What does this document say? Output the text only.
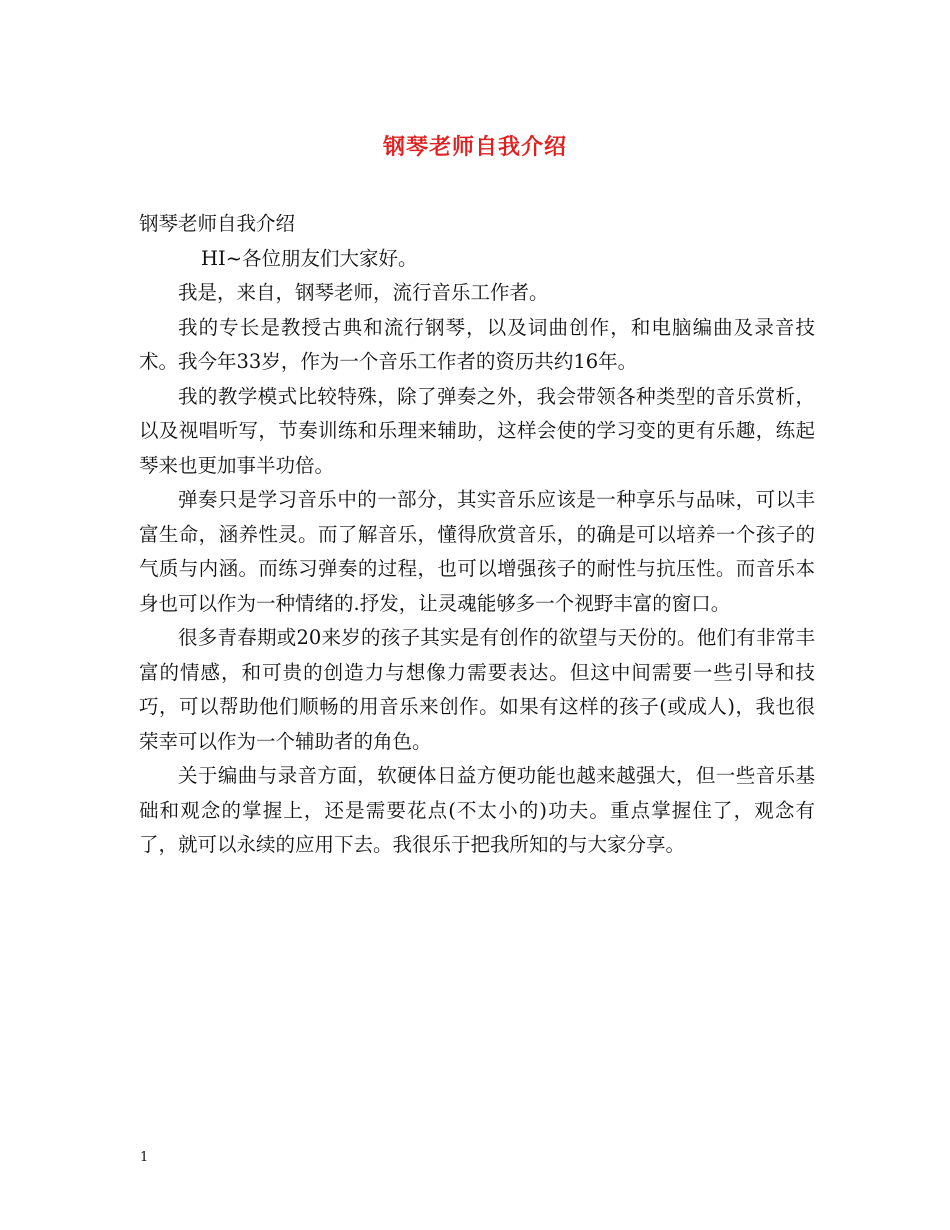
钢琴老师自我介绍

钢琴老师自我介绍

HI~各位朋友们大家好。

我是，来自，钢琴老师，流行音乐工作者。

我的专长是教授古典和流行钢琴，以及词曲创作，和电脑编曲及录音技术。我今年33岁，作为一个音乐工作者的资历共约16年。

我的教学模式比较特殊，除了弹奏之外，我会带领各种类型的音乐赏析，以及视唱听写，节奏训练和乐理来辅助，这样会使的学习变的更有乐趣，练起琴来也更加事半功倍。

弹奏只是学习音乐中的一部分，其实音乐应该是一种享乐与品味，可以丰富生命，涵养性灵。而了解音乐，懂得欣赏音乐，的确是可以培养一个孩子的气质与内涵。而练习弹奏的过程，也可以增强孩子的耐性与抗压性。而音乐本身也可以作为一种情绪的.抒发，让灵魂能够多一个视野丰富的窗口。

很多青春期或20来岁的孩子其实是有创作的欲望与天份的。他们有非常丰富的情感，和可贵的创造力与想像力需要表达。但这中间需要一些引导和技巧，可以帮助他们顺畅的用音乐来创作。如果有这样的孩子(或成人)，我也很荣幸可以作为一个辅助者的角色。

关于编曲与录音方面，软硬体日益方便功能也越来越强大，但一些音乐基础和观念的掌握上，还是需要花点(不太小的)功夫。重点掌握住了，观念有了，就可以永续的应用下去。我很乐于把我所知的与大家分享。

1
